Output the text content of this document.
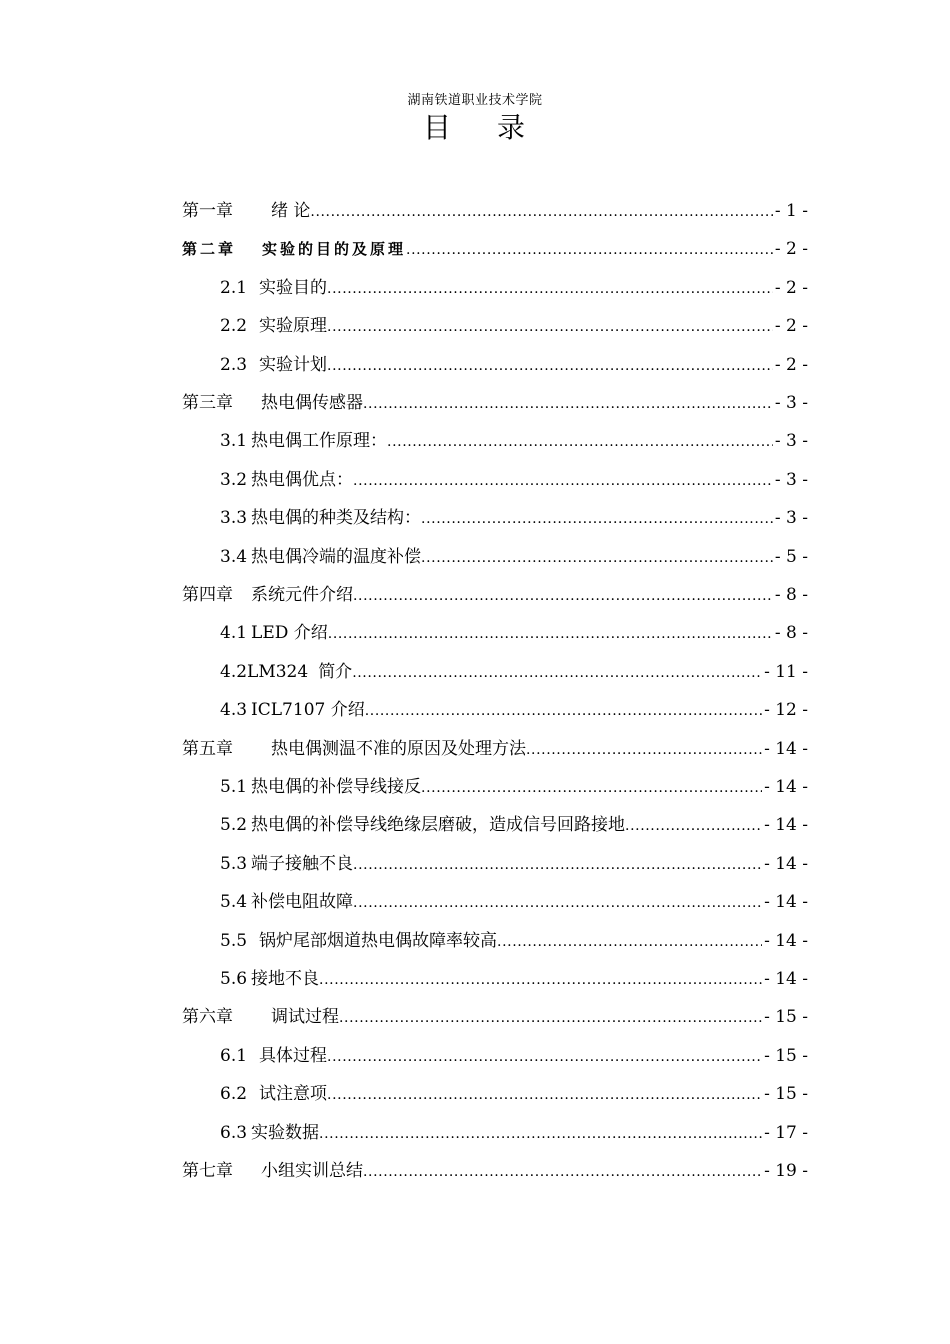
湖南铁道职业技术学院
目 录
第一章 绪 论 .....	- 1 -
第二章 实验的目的及原理 .....	- 2 -
2.1 实验目的 .....	- 2 -
2.2 实验原理 .....	- 2 -
2.3 实验计划 .....	- 2 -
第三章 热电偶传感器 .....	- 3 -
3.1 热电偶工作原理： .....	- 3 -
3.2 热电偶优点： .....	- 3 -
3.3 热电偶的种类及结构： .....	- 3 -
3.4 热电偶冷端的温度补偿 .....	- 5 -
第四章 系统元件介绍 .....	- 8 -
4.1 LED 介绍 .....	- 8 -
4.2LM324 简介 .....	- 11 -
4.3 ICL7107 介绍 .....	- 12 -
第五章 热电偶测温不准的原因及处理方法 .....	- 14 -
5.1 热电偶的补偿导线接反 .....	- 14 -
5.2 热电偶的补偿导线绝缘层磨破，造成信号回路接地 .....	- 14 -
5.3 端子接触不良 .....	- 14 -
5.4 补偿电阻故障 .....	- 14 -
5.5 锅炉尾部烟道热电偶故障率较高 .....	- 14 -
5.6 接地不良 .....	- 14 -
第六章 调试过程 .....	- 15 -
6.1 具体过程 .....	- 15 -
6.2 试注意项 .....	- 15 -
6.3 实验数据 .....	- 17 -
第七章 小组实训总结 .....	- 19 -
